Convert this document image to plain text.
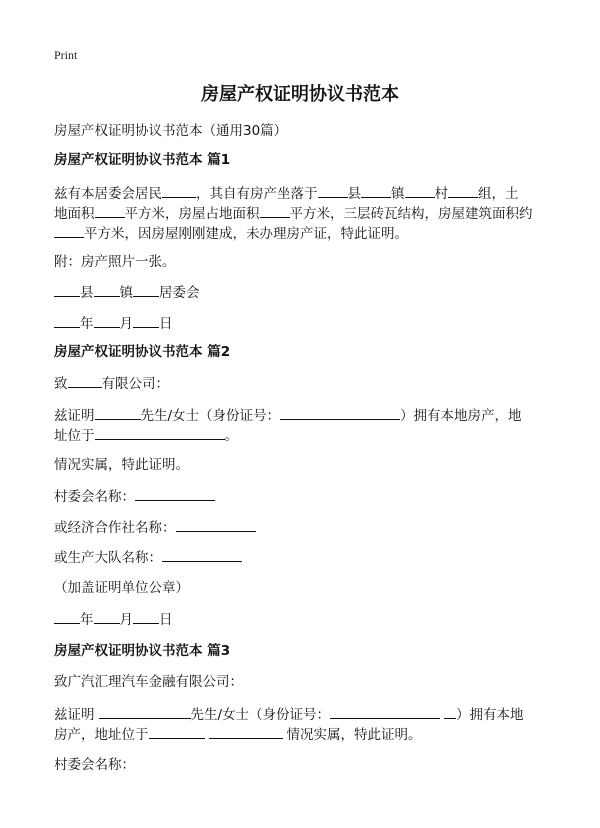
Print
房屋产权证明协议书范本
房屋产权证明协议书范本（通用30篇）
房屋产权证明协议书范本 篇1
兹有本居委会居民	，其自有房产坐落于 县 镇 村 组，土
地面积 平方米，房屋占地面积 平方米，三层砖瓦结构，房屋建筑面积约
平方米，因房屋刚刚建成，未办理房产证，特此证明。
附：房产照片一张。
县 镇 居委会
年 月 日
房屋产权证明协议书范本 篇2
致	有限公司：
兹证明	先生/女士（身份证号：	）拥有本地房产，地
址位于	。
情况实属，特此证明。
村委会名称：
或经济合作社名称：
或生产大队名称：
（加盖证明单位公章）
年 月 日
房屋产权证明协议书范本 篇3
致广汽汇理汽车金融有限公司：
兹证明	先生/女士（身份证号：	）拥有本地
房产，地址位于	情况实属，特此证明。
村委会名称：
